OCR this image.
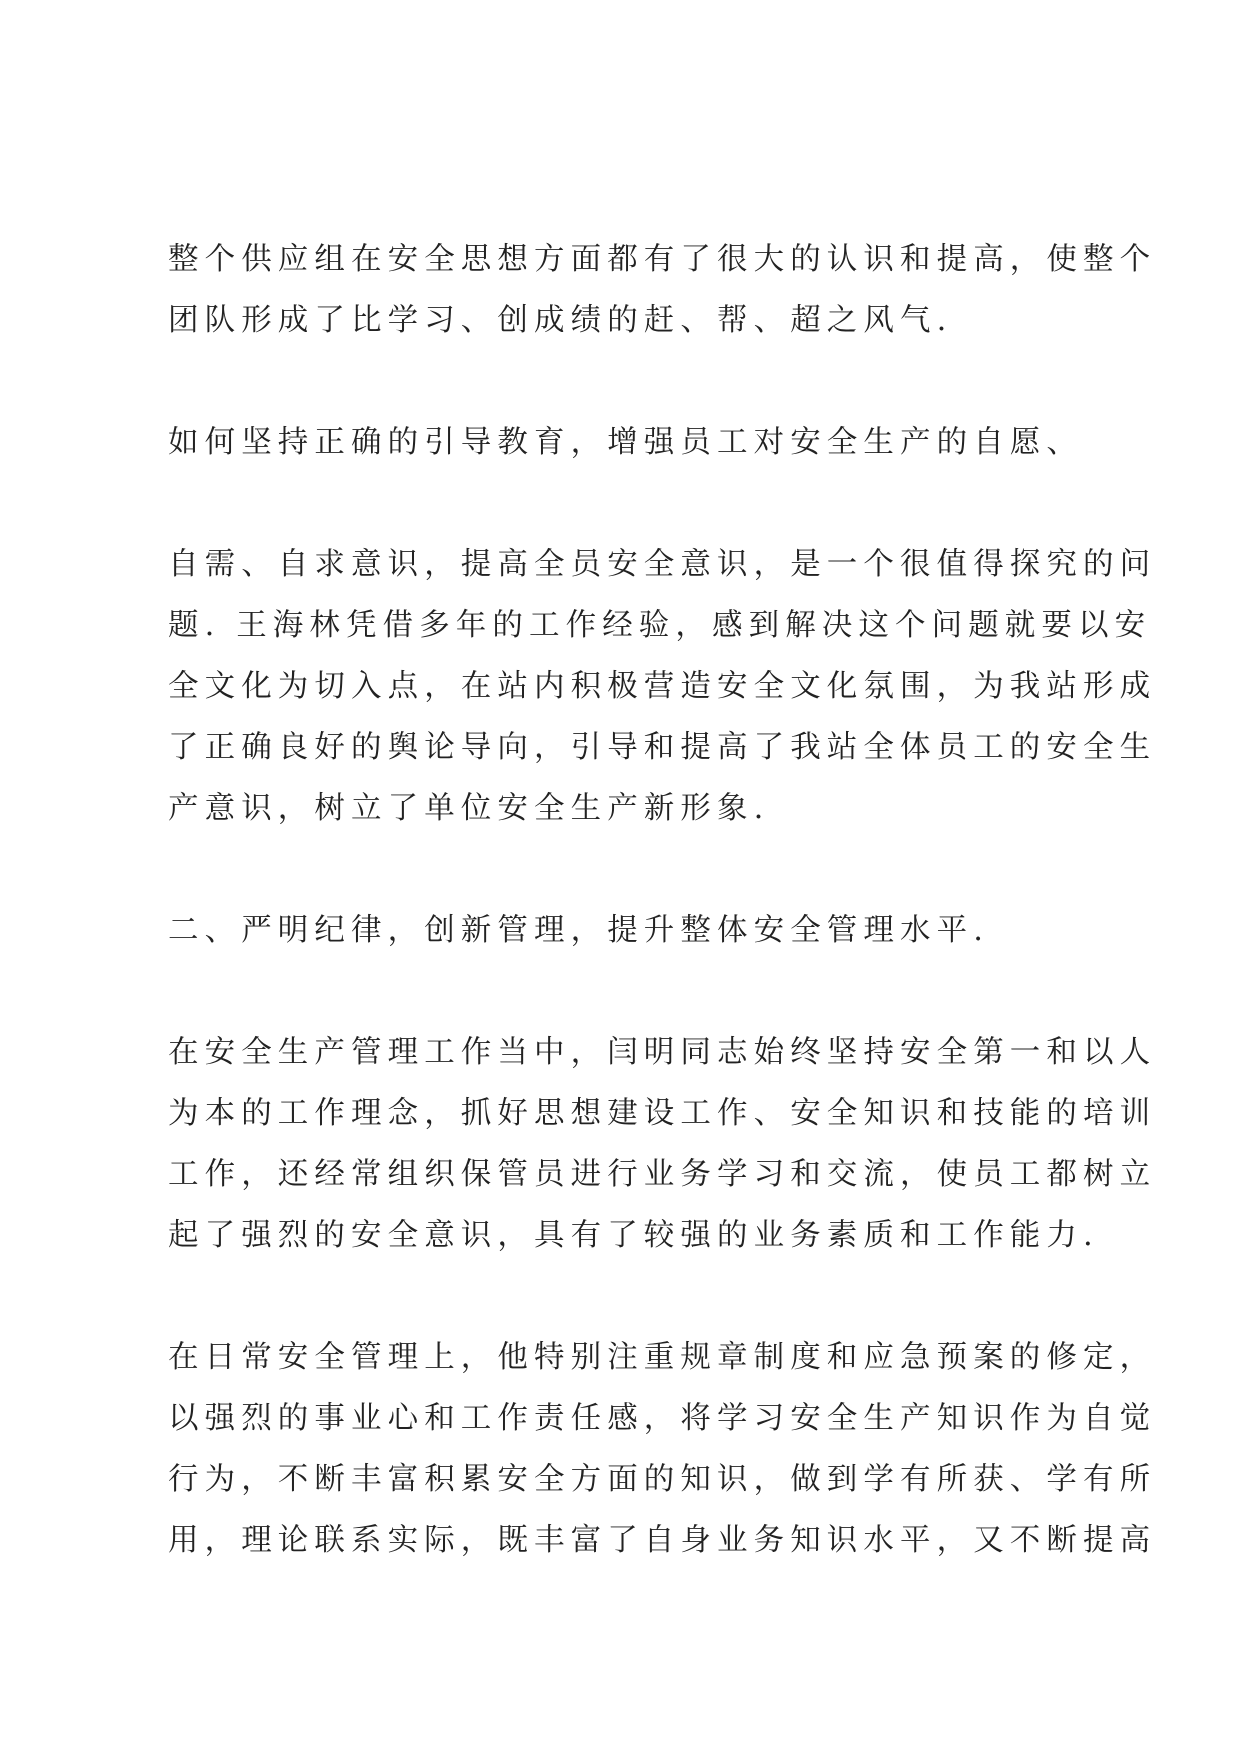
整个供应组在安全思想方面都有了很大的认识和提高，使整个
团队形成了比学习、创成绩的赶、帮、超之风气.

如何坚持正确的引导教育，增强员工对安全生产的自愿、

自需、自求意识，提高全员安全意识，是一个很值得探究的问
题. 王海林凭借多年的工作经验，感到解决这个问题就要以安
全文化为切入点，在站内积极营造安全文化氛围，为我站形成
了正确良好的舆论导向，引导和提高了我站全体员工的安全生
产意识，树立了单位安全生产新形象.

二、严明纪律，创新管理，提升整体安全管理水平.

在安全生产管理工作当中，闫明同志始终坚持安全第一和以人
为本的工作理念，抓好思想建设工作、安全知识和技能的培训
工作，还经常组织保管员进行业务学习和交流，使员工都树立
起了强烈的安全意识，具有了较强的业务素质和工作能力.

在日常安全管理上，他特别注重规章制度和应急预案的修定，
以强烈的事业心和工作责任感，将学习安全生产知识作为自觉
行为，不断丰富积累安全方面的知识，做到学有所获、学有所
用，理论联系实际，既丰富了自身业务知识水平，又不断提高
